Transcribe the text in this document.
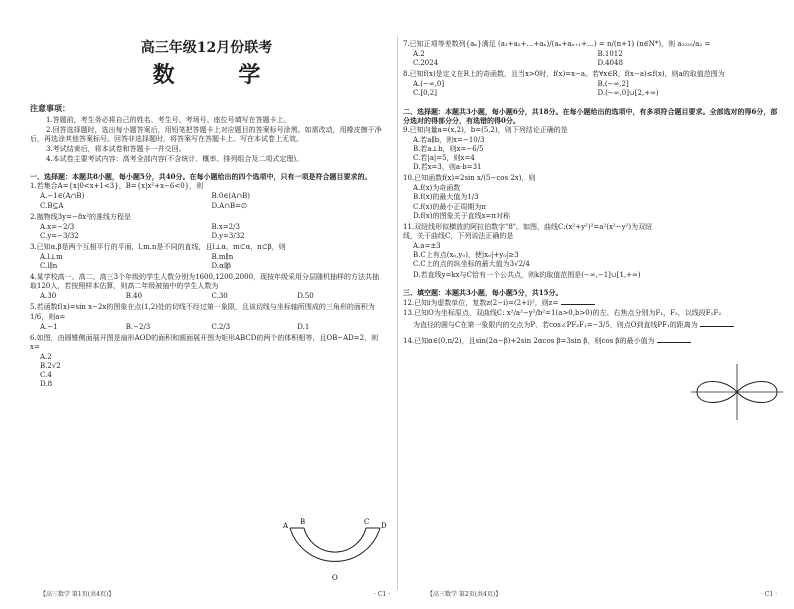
高三年级12月份联考

数 学

注意事项：

1.答题前，考生务必将自己的姓名、考生号、考场号、座位号填写在答题卡上。

2.回答选择题时，选出每小题答案后，用铅笔把答题卡上对应题目的答案标号涂黑。如需改动，用橡皮擦干净后，再选涂其他答案标号。回答非选择题时，将答案写在答题卡上。写在本试卷上无效。

3.考试结束后，将本试卷和答题卡一并交回。

4.本试卷主要考试内容：高考全部内容(不含统计、概率、排列组合及二项式定理)。

一、选择题：本题共8小题，每小题5分，共40分。在每小题给出的四个选项中，只有一项是符合题目要求的。

1.若集合A={x|0<x+1<3}，B={x|x²+x−6<0}，则

A.−1∈(A∩B)	B.0∈(A∩B)
C.B⊆A	D.A∩B=∅

2.抛物线3y=−8x²的准线方程是

A.x=−2/3	B.x=2/3
C.y=−3/32	D.y=3/32

3.已知α,β是两个互相平行的平面，l,m,n是不同的直线，且l⊥α，m⊂α，n⊂β，则

A.l⊥m	B.m∥n
C.l∥n	D.α∥β

4.某学校高一、高二、高三3个年级的学生人数分别为1600,1200,2000，现按年级采用分层随机抽样的方法共抽取120人，若按照样本估算，则高二年级被抽中的学生人数为

A.30	B.40	C.30	D.50

5.若函数f(x)=sin x−2x的图象在点(1,2)处的切线不经过第一象限，且该切线与坐标轴所围成的三角形的面积为1/6，则a=

A.−1	B.−2/3	C.2/3	D.1

6.如图，由圆锥侧面展开图是扇形AOD的面积和圆面展开图为矩形ABCD的两个的体积相等，且OB−AD=2，则x=

A.2
B.2√2
C.4
D.8
A B	C D
O
【高三数学 第1页(共4页)】	· C1 ·

7.已知正项等差数列{aₙ}满足 (a₁+a₂+…+aₙ)/(aₙ+aₙ₊₁+…) = n/(n+1) (n∈N*)，则 a₂₀₂₅/a₂ =

A.2	B.1012
C.2024	D.4048

8.已知f(x)是定义在R上的奇函数，且当x>0时，f(x)=x−a。若∀x∈R，f(x−a)≤f(x)，则a的取值范围为

A.(−∞,0]	B.(−∞,2]
C.[0,2]	D.(−∞,0]∪[2,+∞)

二、选择题：本题共3小题，每小题6分，共18分。在每小题给出的选项中，有多项符合题目要求。全部选对的得6分，部分选对的得部分分，有选错的得0分。

9.已知向量a=(x,2)，b=(5,2)，则下列结论正确的是

A.若a∥b，则x=−10/3
B.若a⊥b，则x=−6/5
C.若|a|=5，则x=4
D.若x=3，则a·b=31

10.已知函数f(x)=2sin x/(5−cos 2x)，则

A.f(x)为奇函数
B.f(x)的最大值为1/3
C.f(x)的最小正周期为π
D.f(x)的图象关于直线x=π对称

11.双纽线形似横放的阿拉伯数字"8"。如图，曲线C:(x²+y²)²=a²(x²−y²)为双纽线，关于曲线C，下列说法正确的是

A.a=±3
B.C上有点(x₀,y₀)，使|x₀|+y₀|≥3
C.C上的点的纵坐标的最大值为3√2/4
D.若直线y=kx与C恰有一个公共点，则k的取值范围是(−∞,−1]∪[1,+∞)

三、填空题：本题共3小题，每小题5分，共15分。

12.已知i为虚数单位，复数z(2−i)=(2+i)²，则z=

13.已知O为坐标原点，双曲线C: x²/a²−y²/b²=1(a>0,b>0)的左、右焦点分别为F₁，F₂，以线段F₁F₂

为直径的圆与C在第一象限内的交点为P，若cos∠PF₂F₁=−3/5，则点O到直线PF₁的距离为

14.已知α∈(0,π/2)，且sin(2α−β)+2sin 2αcos β=3sin β，则cos β的最小值为

【高三数学 第2页(共4页)】	· C1 ·
